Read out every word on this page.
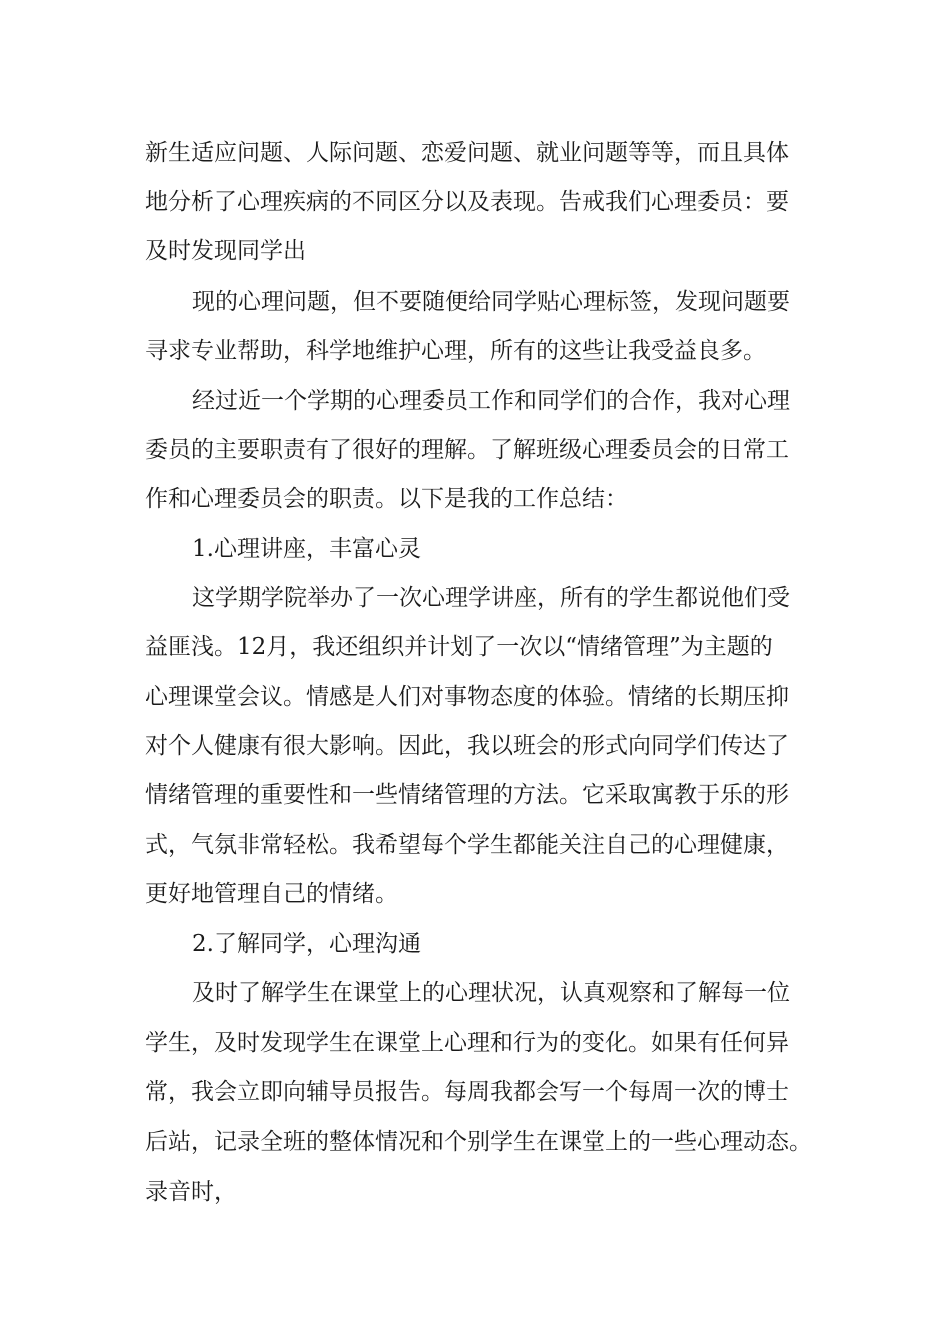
新生适应问题、人际问题、恋爱问题、就业问题等等，而且具体
地分析了心理疾病的不同区分以及表现。告戒我们心理委员：要
及时发现同学出
现的心理问题，但不要随便给同学贴心理标签，发现问题要
寻求专业帮助，科学地维护心理，所有的这些让我受益良多。
经过近一个学期的心理委员工作和同学们的合作，我对心理
委员的主要职责有了很好的理解。了解班级心理委员会的日常工
作和心理委员会的职责。以下是我的工作总结：
1.心理讲座，丰富心灵
这学期学院举办了一次心理学讲座，所有的学生都说他们受
益匪浅。12月，我还组织并计划了一次以“情绪管理”为主题的
心理课堂会议。情感是人们对事物态度的体验。情绪的长期压抑
对个人健康有很大影响。因此，我以班会的形式向同学们传达了
情绪管理的重要性和一些情绪管理的方法。它采取寓教于乐的形
式，气氛非常轻松。我希望每个学生都能关注自己的心理健康，
更好地管理自己的情绪。
2.了解同学，心理沟通
及时了解学生在课堂上的心理状况，认真观察和了解每一位
学生，及时发现学生在课堂上心理和行为的变化。如果有任何异
常，我会立即向辅导员报告。每周我都会写一个每周一次的博士
后站，记录全班的整体情况和个别学生在课堂上的一些心理动态。
录音时，
